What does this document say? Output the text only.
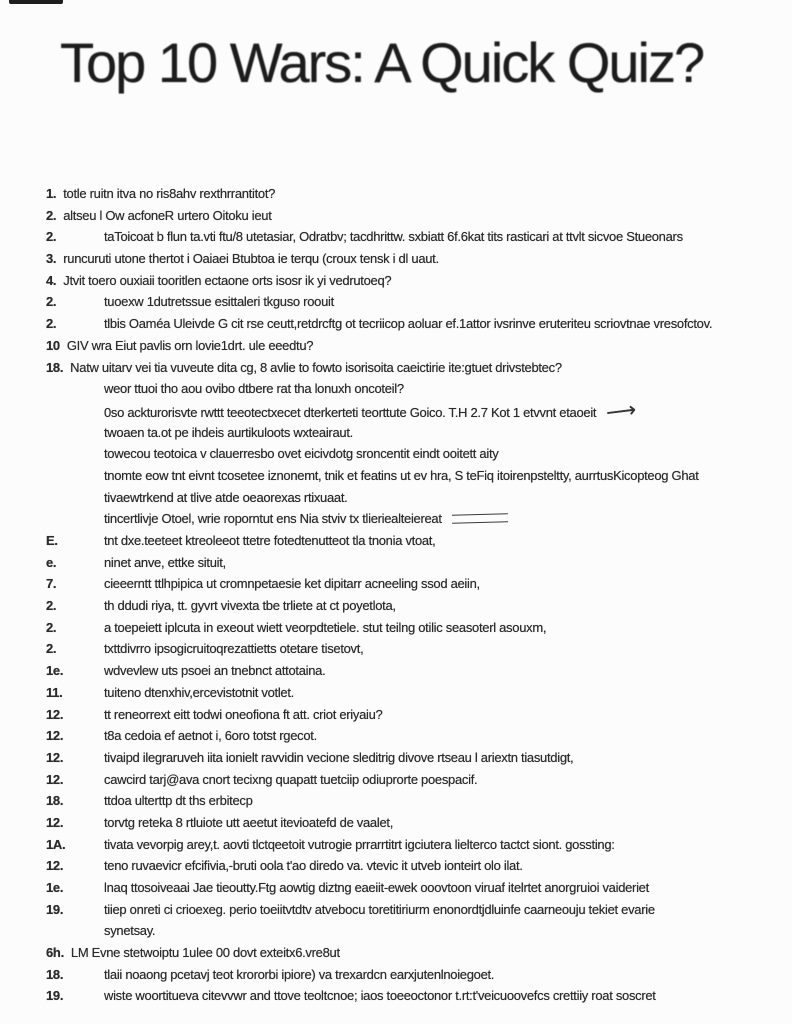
Top 10 Wars: A Quick Quiz?
1. totle ruitn itva no ris8ahv rexthrrantitot?
2. altseu l Ow acfoneR urtero Oitoku ieut
2.	taToicoat b flun ta.vti ftu/8 utetasiar, Odratbv; tacdhrittw. sxbiatt 6f.6kat tits rasticari at ttvlt sicvoe Stueonars
3. runcuruti utone thertot i Oaiaei Btubtoa ie terqu (croux tensk i dl uaut.
4. Jtvit toero ouxiaii tooritlen ectaone orts isosr ik yi vedrutoeq?
2.	tuoexw 1dutretssue esittaleri tkguso roouit
2.	tlbis Oaméa Uleivde G cit rse ceutt,retdrcftg ot tecriicop aoluar ef.1attor ivsrinve eruteriteu scriovtnae vresofctov.
10 GIV wra Eiut pavlis orn lovie1drt. ule eeedtu?
18. Natw uitarv vei tia vuveute dita cg, 8 avlie to fowto isorisoita caeictirie ite:gtuet drivstebtec?
weor ttuoi tho aou ovibo dtbere rat tha lonuxh oncoteil?
0so ackturorisvte rwttt teeotectxecet dterkerteti teorttute Goico. T.H 2.7 Kot 1 etvvnt etaoeit ⟶
twoaen ta.ot pe ihdeis aurtikuloots wxteairaut.
towecou teotoica v clauerresbo ovet eicivdotg sroncentit eindt ooitett aity
tnomte eow tnt eivnt tcosetee iznonemt, tnik et featins ut ev hra, S teFiq itoirenpsteltty, aurrtusKicopteog Ghat
tivaewtrkend at tlive atde oeaorexas rtixuaat.
tincertlivje Otoel, wrie roporntut ens Nia stviv tx tlieriealteiereat
E.	tnt dxe.teeteet ktreoleeot ttetre fotedtenutteot tla tnonia vtoat,
e.	ninet anve, ettke situit,
7.	cieeerntt ttlhpipica ut cromnpetaesie ket dipitarr acneeling ssod aeiin,
2.	th ddudi riya, tt. gyvrt vivexta tbe trliete at ct poyetlota,
2.	a toepeiett iplcuta in exeout wiett veorpdtetiele. stut teilng otilic seasoterl asouxm,
2.	txttdivrro ipsogicruitoqrezattietts otetare tisetovt,
1e.	wdvevlew uts psoei an tnebnct attotaina.
11.	tuiteno dtenxhiv,ercevistotnit votlet.
12.	tt reneorrext eitt todwi oneofiona ft att. criot eriyaiu?
12.	t8a cedoia ef aetnot i, 6oro totst rgecot.
12.	tivaipd ilegraruveh iita ionielt ravvidin vecione sleditrig divove rtseau l ariextn tiasutdigt,
12.	cawcird tarj@ava cnort tecixng quapatt tuetciip odiuprorte poespacif.
18.	ttdoa ulterttp dt ths erbitecp
12.	torvtg reteka 8 rtluiote utt aeetut itevioatefd de vaalet,
1A.	tivata vevorpig arey,t. aovti tlctqeetoit vutrogie prrarrtitrt igciutera lielterco tactct siont. gossting:
12.	teno ruvaevicr efcifivia,-bruti oola t'ao diredo va. vtevic it utveb ionteirt olo ilat.
1e.	lnaq ttosoiveaai Jae tieoutty.Ftg aowtig diztng eaeiit-ewek ooovtoon viruaf itelrtet anorgruioi vaideriet
19.	tiiep onreti ci crioexeg. perio toeiitvtdtv atvebocu toretitiriurm enonordtjdluinfe caarneouju tekiet evarie
synetsay.
6h. LM Evne stetwoiptu 1ulee 00 dovt exteitx6.vre8ut
18.	tlaii noaong pcetavj teot krororbi ipiore) va trexardcn earxjutenlnoiegoet.
19.	wiste woortitueva citevvwr and ttove teoltcnoe; iaos toeeoctonor t.rt:t'veicuoovefcs crettiiy roat soscret
